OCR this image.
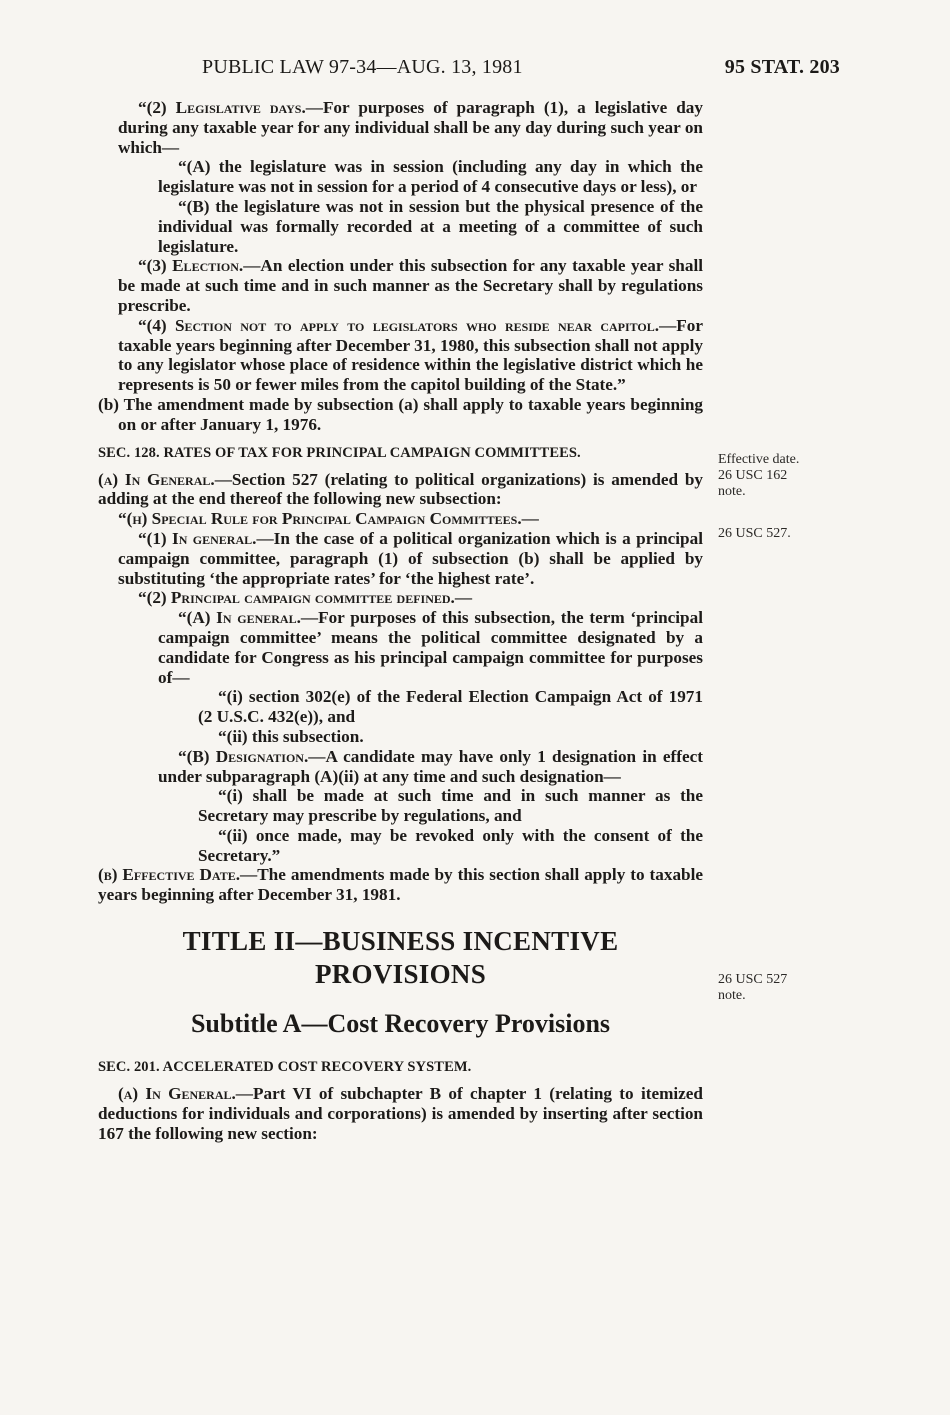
PUBLIC LAW 97-34—AUG. 13, 1981	95 STAT. 203

“(2) Legislative days.—For purposes of paragraph (1), a legislative day during any taxable year for any individual shall be any day during such year on which—

“(A) the legislature was in session (including any day in which the legislature was not in session for a period of 4 consecutive days or less), or

“(B) the legislature was not in session but the physical presence of the individual was formally recorded at a meeting of a committee of such legislature.

“(3) Election.—An election under this subsection for any taxable year shall be made at such time and in such manner as the Secretary shall by regulations prescribe.

“(4) Section not to apply to legislators who reside near capitol.—For taxable years beginning after December 31, 1980, this subsection shall not apply to any legislator whose place of residence within the legislative district which he represents is 50 or fewer miles from the capitol building of the State.”

(b) The amendment made by subsection (a) shall apply to taxable years beginning on or after January 1, 1976.

SEC. 128. RATES OF TAX FOR PRINCIPAL CAMPAIGN COMMITTEES.

(a) In General.—Section 527 (relating to political organizations) is amended by adding at the end thereof the following new subsection:

“(h) Special Rule for Principal Campaign Committees.—

“(1) In general.—In the case of a political organization which is a principal campaign committee, paragraph (1) of subsection (b) shall be applied by substituting ‘the appropriate rates’ for ‘the highest rate’.

“(2) Principal campaign committee defined.—

“(A) In general.—For purposes of this subsection, the term ‘principal campaign committee’ means the political committee designated by a candidate for Congress as his principal campaign committee for purposes of—

“(i) section 302(e) of the Federal Election Campaign Act of 1971 (2 U.S.C. 432(e)), and

“(ii) this subsection.

“(B) Designation.—A candidate may have only 1 designation in effect under subparagraph (A)(ii) at any time and such designation—

“(i) shall be made at such time and in such manner as the Secretary may prescribe by regulations, and

“(ii) once made, may be revoked only with the consent of the Secretary.”

(b) Effective Date.—The amendments made by this section shall apply to taxable years beginning after December 31, 1981.

TITLE II—BUSINESS INCENTIVE
PROVISIONS
Subtitle A—Cost Recovery Provisions
SEC. 201. ACCELERATED COST RECOVERY SYSTEM.

(a) In General.—Part VI of subchapter B of chapter 1 (relating to itemized deductions for individuals and corporations) is amended by inserting after section 167 the following new section:

Effective date.
26 USC 162
note.
26 USC 527.
26 USC 527
note.
